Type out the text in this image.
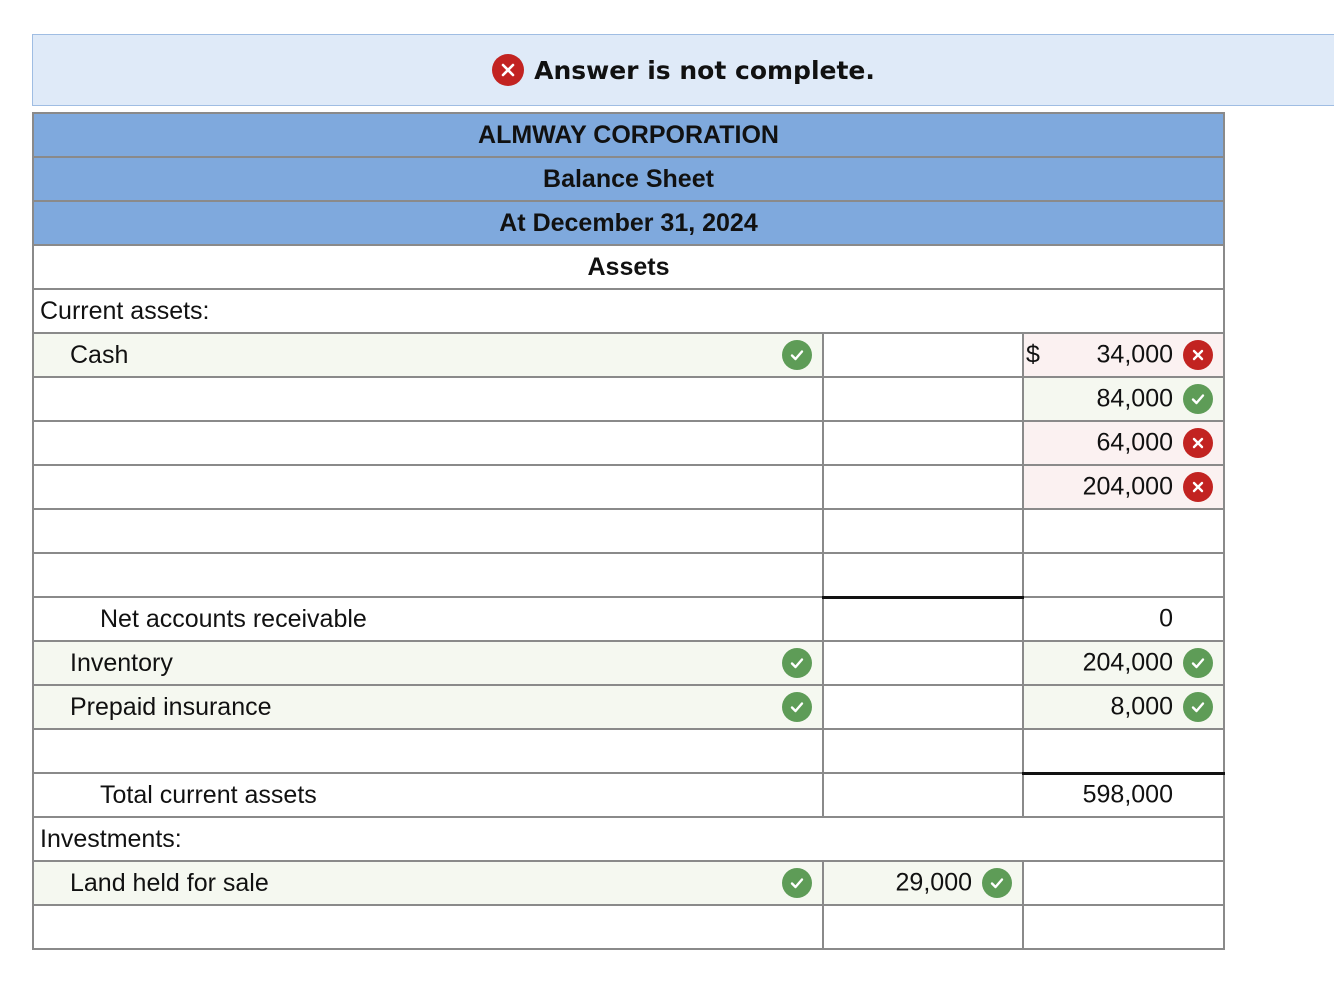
Answer is not complete.
ALMWAY CORPORATION		
Balance Sheet		
At December 31, 2024		
Assets		
Current assets:		
Cash		$ 34,000

		84,000

		64,000

		204,000

Net accounts receivable		0

Inventory		204,000

Prepaid insurance		8,000

Total current assets		598,000

Investments:		
Land held for sale	29,000	
